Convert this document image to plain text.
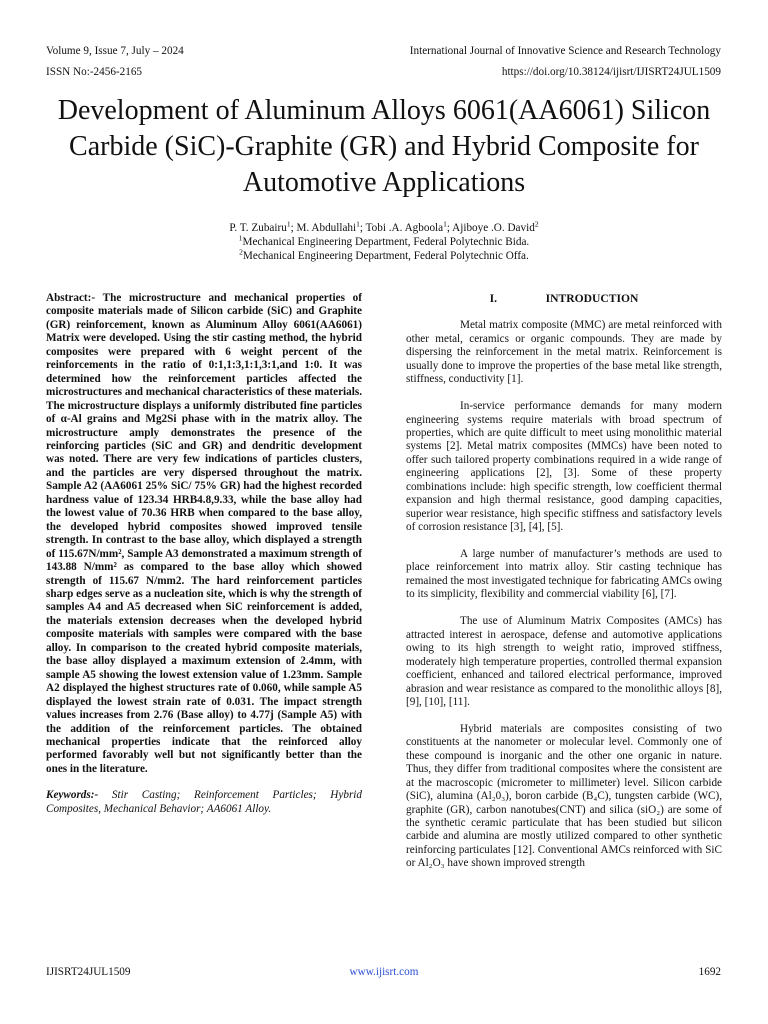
Volume 9, Issue 7, July – 2024	International Journal of Innovative Science and Research Technology
ISSN No:-2456-2165	https://doi.org/10.38124/ijisrt/IJISRT24JUL1509
Development of Aluminum Alloys 6061(AA6061) Silicon Carbide (SiC)-Graphite (GR) and Hybrid Composite for Automotive Applications
P. T. Zubairu$^1$; M. Abdullahi$^1$; Tobi .A. Agboola$^1$; Ajiboye .O. David$^2$
$^1$Mechanical Engineering Department, Federal Polytechnic Bida.
$^2$Mechanical Engineering Department, Federal Polytechnic Offa.

Abstract:- The microstructure and mechanical properties of composite materials made of Silicon carbide (SiC) and Graphite (GR) reinforcement, known as Aluminum Alloy 6061(AA6061) Matrix were developed. Using the stir casting method, the hybrid composites were prepared with 6 weight percent of the reinforcements in the ratio of 0:1,1:3,1:1,3:1,and 1:0. It was determined how the reinforcement particles affected the microstructures and mechanical characteristics of these materials. The microstructure displays a uniformly distributed fine particles of α-Al grains and Mg2Si phase with in the matrix alloy. The microstructure amply demonstrates the presence of the reinforcing particles (SiC and GR) and dendritic development was noted. There are very few indications of particles clusters, and the particles are very dispersed throughout the matrix. Sample A2 (AA6061 25% SiC/ 75% GR) had the highest recorded hardness value of 123.34 HRB4.8,9.33, while the base alloy had the lowest value of 70.36 HRB when compared to the base alloy, the developed hybrid composites showed improved tensile strength. In contrast to the base alloy, which displayed a strength of 115.67N/mm², Sample A3 demonstrated a maximum strength of 143.88 N/mm² as compared to the base alloy which showed strength of 115.67 N/mm2. The hard reinforcement particles sharp edges serve as a nucleation site, which is why the strength of samples A4 and A5 decreased when SiC reinforcement is added, the materials extension decreases when the developed hybrid composite materials with samples were compared with the base alloy. In comparison to the created hybrid composite materials, the base alloy displayed a maximum extension of 2.4mm, with sample A5 showing the lowest extension value of 1.23mm. Sample A2 displayed the highest structures rate of 0.060, while sample A5 displayed the lowest strain rate of 0.031. The impact strength values increases from 2.76 (Base alloy) to 4.77j (Sample A5) with the addition of the reinforcement particles. The obtained mechanical properties indicate that the reinforced alloy performed favorably well but not significantly better than the ones in the literature.

Keywords:- Stir Casting; Reinforcement Particles; Hybrid Composites, Mechanical Behavior; AA6061 Alloy.

I.	INTRODUCTION

Metal matrix composite (MMC) are metal reinforced with other metal, ceramics or organic compounds. They are made by dispersing the reinforcement in the metal matrix. Reinforcement is usually done to improve the properties of the base metal like strength, stiffness, conductivity [1].

In-service performance demands for many modern engineering systems require materials with broad spectrum of properties, which are quite difficult to meet using monolithic material systems [2]. Metal matrix composites (MMCs) have been noted to offer such tailored property combinations required in a wide range of engineering applications [2], [3]. Some of these property combinations include: high specific strength, low coefficient thermal expansion and high thermal resistance, good damping capacities, superior wear resistance, high specific stiffness and satisfactory levels of corrosion resistance [3], [4], [5].

A large number of manufacturer’s methods are used to place reinforcement into matrix alloy. Stir casting technique has remained the most investigated technique for fabricating AMCs owing to its simplicity, flexibility and commercial viability [6], [7].

The use of Aluminum Matrix Composites (AMCs) has attracted interest in aerospace, defense and automotive applications owing to its high strength to weight ratio, improved stiffness, moderately high temperature properties, controlled thermal expansion coefficient, enhanced and tailored electrical performance, improved abrasion and wear resistance as compared to the monolithic alloys [8], [9], [10], [11].

Hybrid materials are composites consisting of two constituents at the nanometer or molecular level. Commonly one of these compound is inorganic and the other one organic in nature. Thus, they differ from traditional composites where the consistent are at the macroscopic (micrometer to millimeter) level. Silicon carbide (SiC), alumina (Al₂0₃), boron carbide (B₄C), tungsten carbide (WC), graphite (GR), carbon nanotubes(CNT) and silica (siO₂) are some of the synthetic ceramic particulate that has been studied but silicon carbide and alumina are mostly utilized compared to other synthetic reinforcing particulates [12]. Conventional AMCs reinforced with SiC or Al₂O₃ have shown improved strength

IJISRT24JUL1509	www.ijisrt.com	1692
